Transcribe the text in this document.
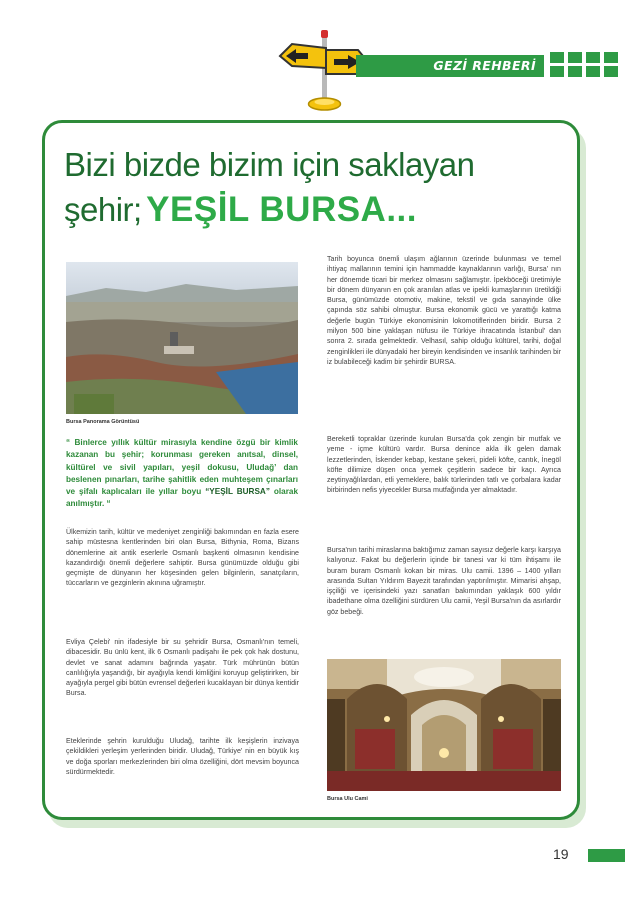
GEZİ REHBERİ
Bizi bizde bizim için saklayan
şehir; YEŞİL BURSA...
Bursa Panorama Görüntüsü

“ Binlerce yıllık kültür mirasıyla kendine özgü bir kimlik kazanan bu şehir; korunması gereken anıtsal, dinsel, kültürel ve sivil yapıları, yeşil dokusu, Uludağ’ dan beslenen pınarları, tarihe şahitlik eden muhteşem çınarları ve şifalı kaplıcaları ile yıllar boyu “YEŞİL BURSA” olarak anılmıştır. “

Ülkemizin tarih, kültür ve medeniyet zenginliği bakımından en fazla esere sahip müstesna kentlerinden biri olan Bursa, Bithynia, Roma, Bizans dönemlerine ait antik eserlerle Osmanlı başkenti olmasının kendisine kazandırdığı önemli değerlere sahiptir. Bursa günümüzde olduğu gibi geçmişte de dünyanın her köşesinden gelen bilginlerin, sanatçıların, tüccarların ve gezginlerin akınına uğramıştır.

Evliya Çelebi' nin ifadesiyle bir su şehridir Bursa, Osmanlı'nın temeli, dibacesidir. Bu ünlü kent, ilk 6 Osmanlı padişahı ile pek çok hak dostunu, devlet ve sanat adamını bağrında yaşatır. Türk mührünün bütün canlılığıyla yaşandığı, bir ayağıyla kendi kimliğini koruyup geliştirirken, bir ayağıyla pergel gibi bütün evrensel değerleri kucaklayan bir dünya kentidir Bursa.

Eteklerinde şehrin kurulduğu Uludağ, tarihte ilk keşişlerin inzivaya çekildikleri yerleşim yerlerinden biridir. Uludağ, Türkiye' nin en büyük kış ve doğa sporları merkezlerinden biri olma özelliğini, dört mevsim boyunca sürdürmektedir.

Tarih boyunca önemli ulaşım ağlarının üzerinde bulunması ve temel ihtiyaç mallarının temini için hammadde kaynaklarının varlığı, Bursa' nın her dönemde ticari bir merkez olmasını sağlamıştır. İpekböceği üretimiyle bir dönem dünyanın en çok aranılan atlas ve ipekli kumaşlarının üretildiği Bursa, günümüzde otomotiv, makine, tekstil ve gıda sanayinde ülke çapında söz sahibi olmuştur. Bursa ekonomik gücü ve yarattığı katma değerle bugün Türkiye ekonomisinin lokomotiflerinden biridir. Bursa 2 milyon 500 bine yaklaşan nüfusu ile Türkiye ihracatında İstanbul' dan sonra 2. sırada gelmektedir. Velhasıl, sahip olduğu kültürel, tarihi, doğal zenginlikleri ile dünyadaki her bireyin kendisinden ve insanlık tarihinden bir iz bulabileceği kadim bir şehirdir BURSA.

Bereketli topraklar üzerinde kurulan Bursa'da çok zengin bir mutfak ve yeme - içme kültürü vardır. Bursa denince akla ilk gelen damak lezzetlerinden, İskender kebap, kestane şekeri, pideli köfte, cantık, İnegöl köfte dilimize düşen onca yemek çeşitlerin sadece bir kaçı. Ayrıca zeytinyağlılardan, etli yemeklere, balık türlerinden tatlı ve çorbalara kadar birbirinden nefis yiyecekler Bursa mutfağında yer almaktadır.

Bursa'nın tarihi miraslarına baktığımız zaman sayısız değerle karşı karşıya kalıyoruz. Fakat bu değerlerin içinde bir tanesi var ki tüm ihtişamı ile buram buram Osmanlı kokan bir miras. Ulu camii. 1396 – 1400 yılları arasında Sultan Yıldırım Bayezit tarafından yaptırılmıştır. Mimarisi ahşap, işçiliği ve içerisindeki yazı sanatları bakımından yaklaşık 600 yıldır ibadethane olma özelliğini sürdüren Ulu camii, Yeşil Bursa'nın da asırlardır göz bebeği.

Bursa Ulu Cami
19
